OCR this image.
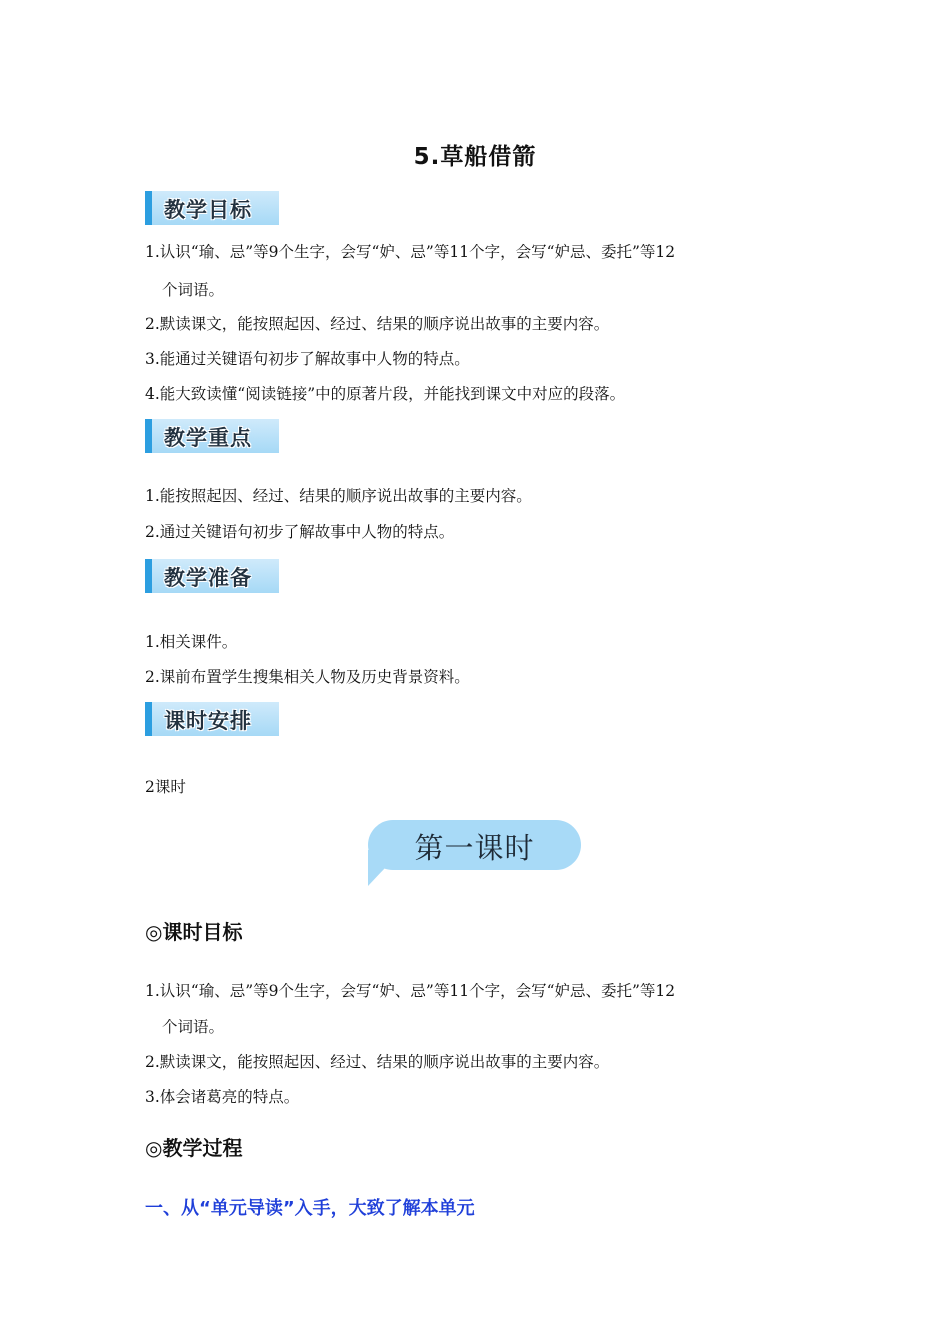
5.草船借箭
教学目标
1.认识“瑜、忌”等9个生字，会写“妒、忌”等11个字，会写“妒忌、委托”等12
个词语。
2.默读课文，能按照起因、经过、结果的顺序说出故事的主要内容。
3.能通过关键语句初步了解故事中人物的特点。
4.能大致读懂“阅读链接”中的原著片段，并能找到课文中对应的段落。
教学重点
1.能按照起因、经过、结果的顺序说出故事的主要内容。
2.通过关键语句初步了解故事中人物的特点。
教学准备
1.相关课件。
2.课前布置学生搜集相关人物及历史背景资料。
课时安排
2课时
第一课时
◎课时目标
1.认识“瑜、忌”等9个生字，会写“妒、忌”等11个字，会写“妒忌、委托”等12
个词语。
2.默读课文，能按照起因、经过、结果的顺序说出故事的主要内容。
3.体会诸葛亮的特点。
◎教学过程
一、从“单元导读”入手，大致了解本单元
